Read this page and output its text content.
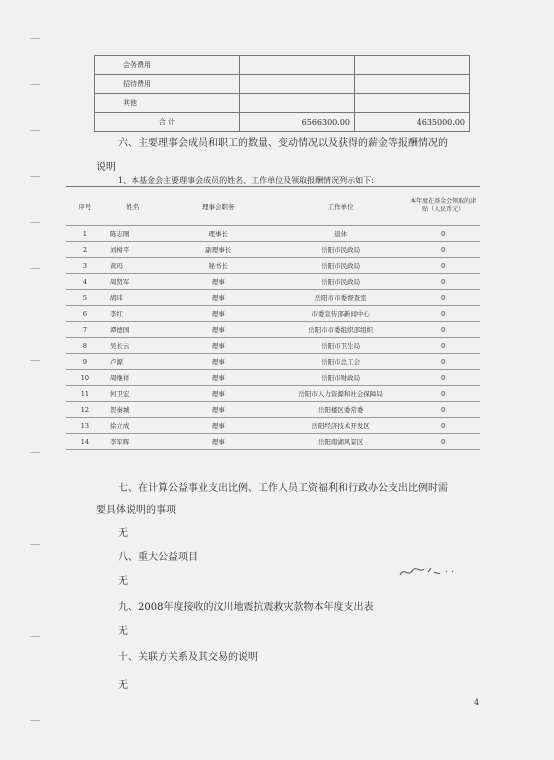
会务费用		
招待费用		
其他		
合 计	6566300.00	4635000.00
六、主要理事会成员和职工的数量、变动情况以及获得的薪金等报酬情况的
说明
1、本基金会主要理事会成员的姓名、工作单位及领取报酬情况列示如下:
序号	姓名	理事会职务	工作单位	本年度在基金会领取的津贴（人民币元）
1	陈志刚	理事长	退休	0
2	刘树平	副理事长	岳阳市民政局	0
3	黄玛	秘书长	岳阳市民政局	0
4	周贤军	理事	岳阳市民政局	0
5	胡玮	理事	岳阳市市委督查室	0
6	李红	理事	市委宣传部新闻中心	0
7	谭德国	理事	岳阳市市委组织部组织	0
8	吴长云	理事	岳阳市卫生局	0
9	卢源	理事	岳阳市总工会	0
10	周继祥	理事	岳阳市财政局	0
11	何卫宏	理事	岳阳市人力资源和社会保障局	0
12	贺秦城	理事	岳阳楼区委常委	0
13	徐立成	理事	岳阳经济技术开发区	0
14	李军辉	理事	岳阳南湖风景区	0
七、在计算公益事业支出比例、工作人员工资福利和行政办公支出比例时需
要具体说明的事项
无
八、重大公益项目
无
九、2008年度接收的汶川地震抗震救灾款物本年度支出表
无
十、关联方关系及其交易的说明
无
4
